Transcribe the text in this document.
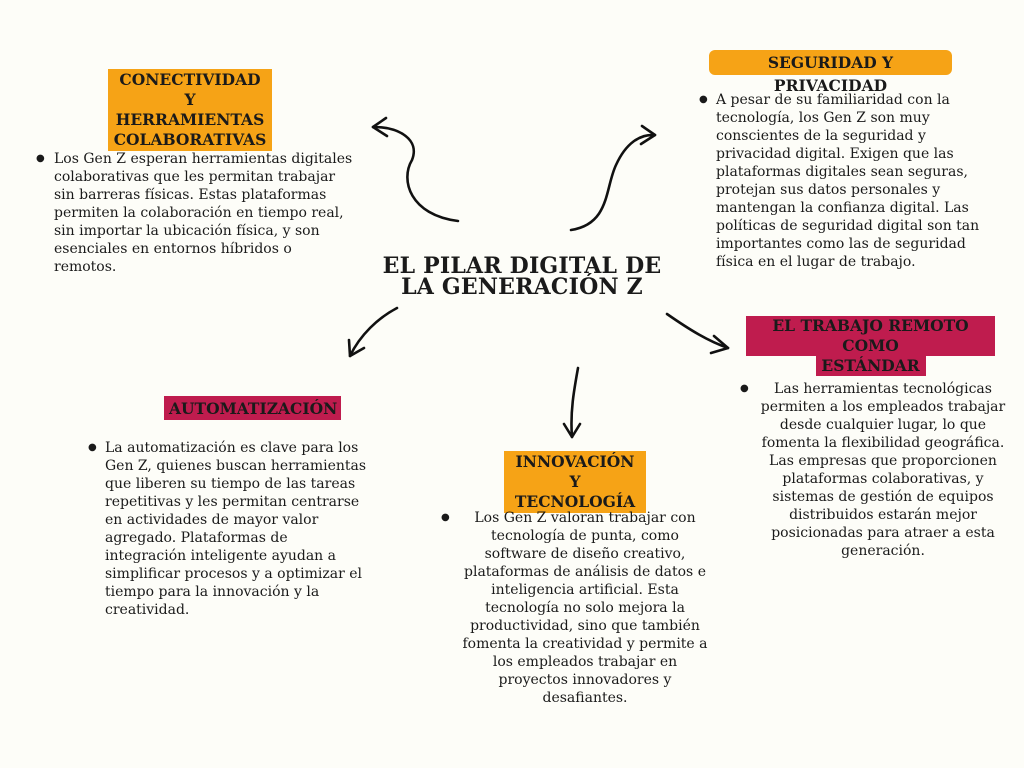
EL PILAR DIGITAL DE
LA GENERACIÓN Z
CONECTIVIDAD Y
HERRAMIENTAS
COLABORATIVAS
● Los Gen Z esperan herramientas digitales colaborativas que les permitan trabajar sin barreras físicas. Estas plataformas permiten la colaboración en tiempo real, sin importar la ubicación física, y son esenciales en entornos híbridos o remotos.
SEGURIDAD Y PRIVACIDAD
● A pesar de su familiaridad con la tecnología, los Gen Z son muy conscientes de la seguridad y privacidad digital. Exigen que las plataformas digitales sean seguras, protejan sus datos personales y mantengan la confianza digital. Las políticas de seguridad digital son tan importantes como las de seguridad física en el lugar de trabajo.
AUTOMATIZACIÓN
● La automatización es clave para los Gen Z, quienes buscan herramientas que liberen su tiempo de las tareas repetitivas y les permitan centrarse en actividades de mayor valor agregado. Plataformas de integración inteligente ayudan a simplificar procesos y a optimizar el tiempo para la innovación y la creatividad.
INNOVACIÓN Y
TECNOLOGÍA
● Los Gen Z valoran trabajar con tecnología de punta, como software de diseño creativo, plataformas de análisis de datos e inteligencia artificial. Esta tecnología no solo mejora la productividad, sino que también fomenta la creatividad y permite a los empleados trabajar en proyectos innovadores y desafiantes.
EL TRABAJO REMOTO COMO
ESTÁNDAR
● Las herramientas tecnológicas permiten a los empleados trabajar desde cualquier lugar, lo que fomenta la flexibilidad geográfica. Las empresas que proporcionen plataformas colaborativas, y sistemas de gestión de equipos distribuidos estarán mejor posicionadas para atraer a esta generación.
